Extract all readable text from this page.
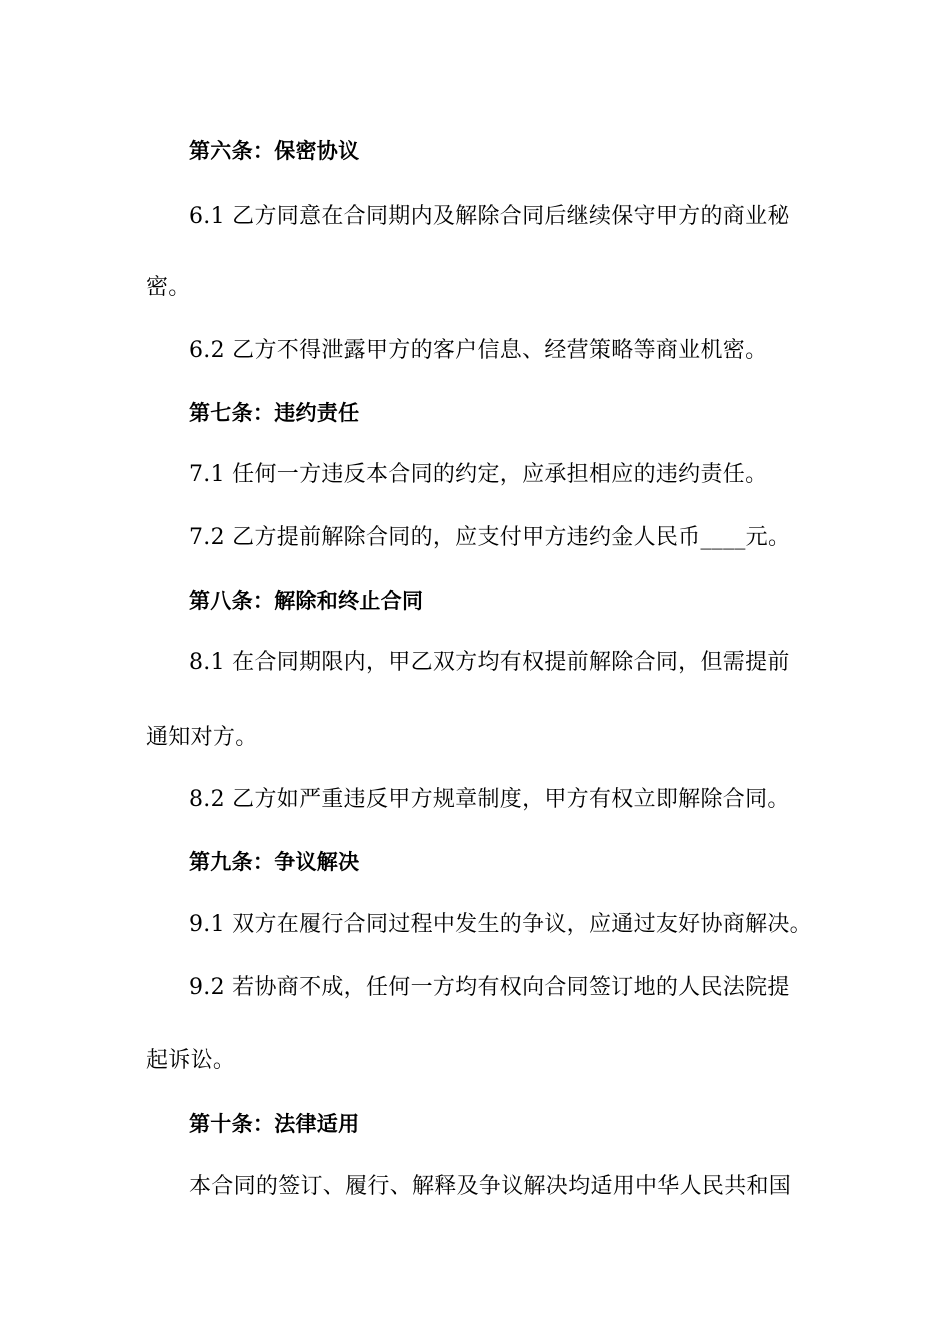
第六条：保密协议
6.1 乙方同意在合同期内及解除合同后继续保守甲方的商业秘
密。
6.2 乙方不得泄露甲方的客户信息、经营策略等商业机密。
第七条：违约责任
7.1 任何一方违反本合同的约定，应承担相应的违约责任。
7.2 乙方提前解除合同的，应支付甲方违约金人民币____元。
第八条：解除和终止合同
8.1 在合同期限内，甲乙双方均有权提前解除合同，但需提前
通知对方。
8.2 乙方如严重违反甲方规章制度，甲方有权立即解除合同。
第九条：争议解决
9.1 双方在履行合同过程中发生的争议，应通过友好协商解决。
9.2 若协商不成，任何一方均有权向合同签订地的人民法院提
起诉讼。
第十条：法律适用
本合同的签订、履行、解释及争议解决均适用中华人民共和国
